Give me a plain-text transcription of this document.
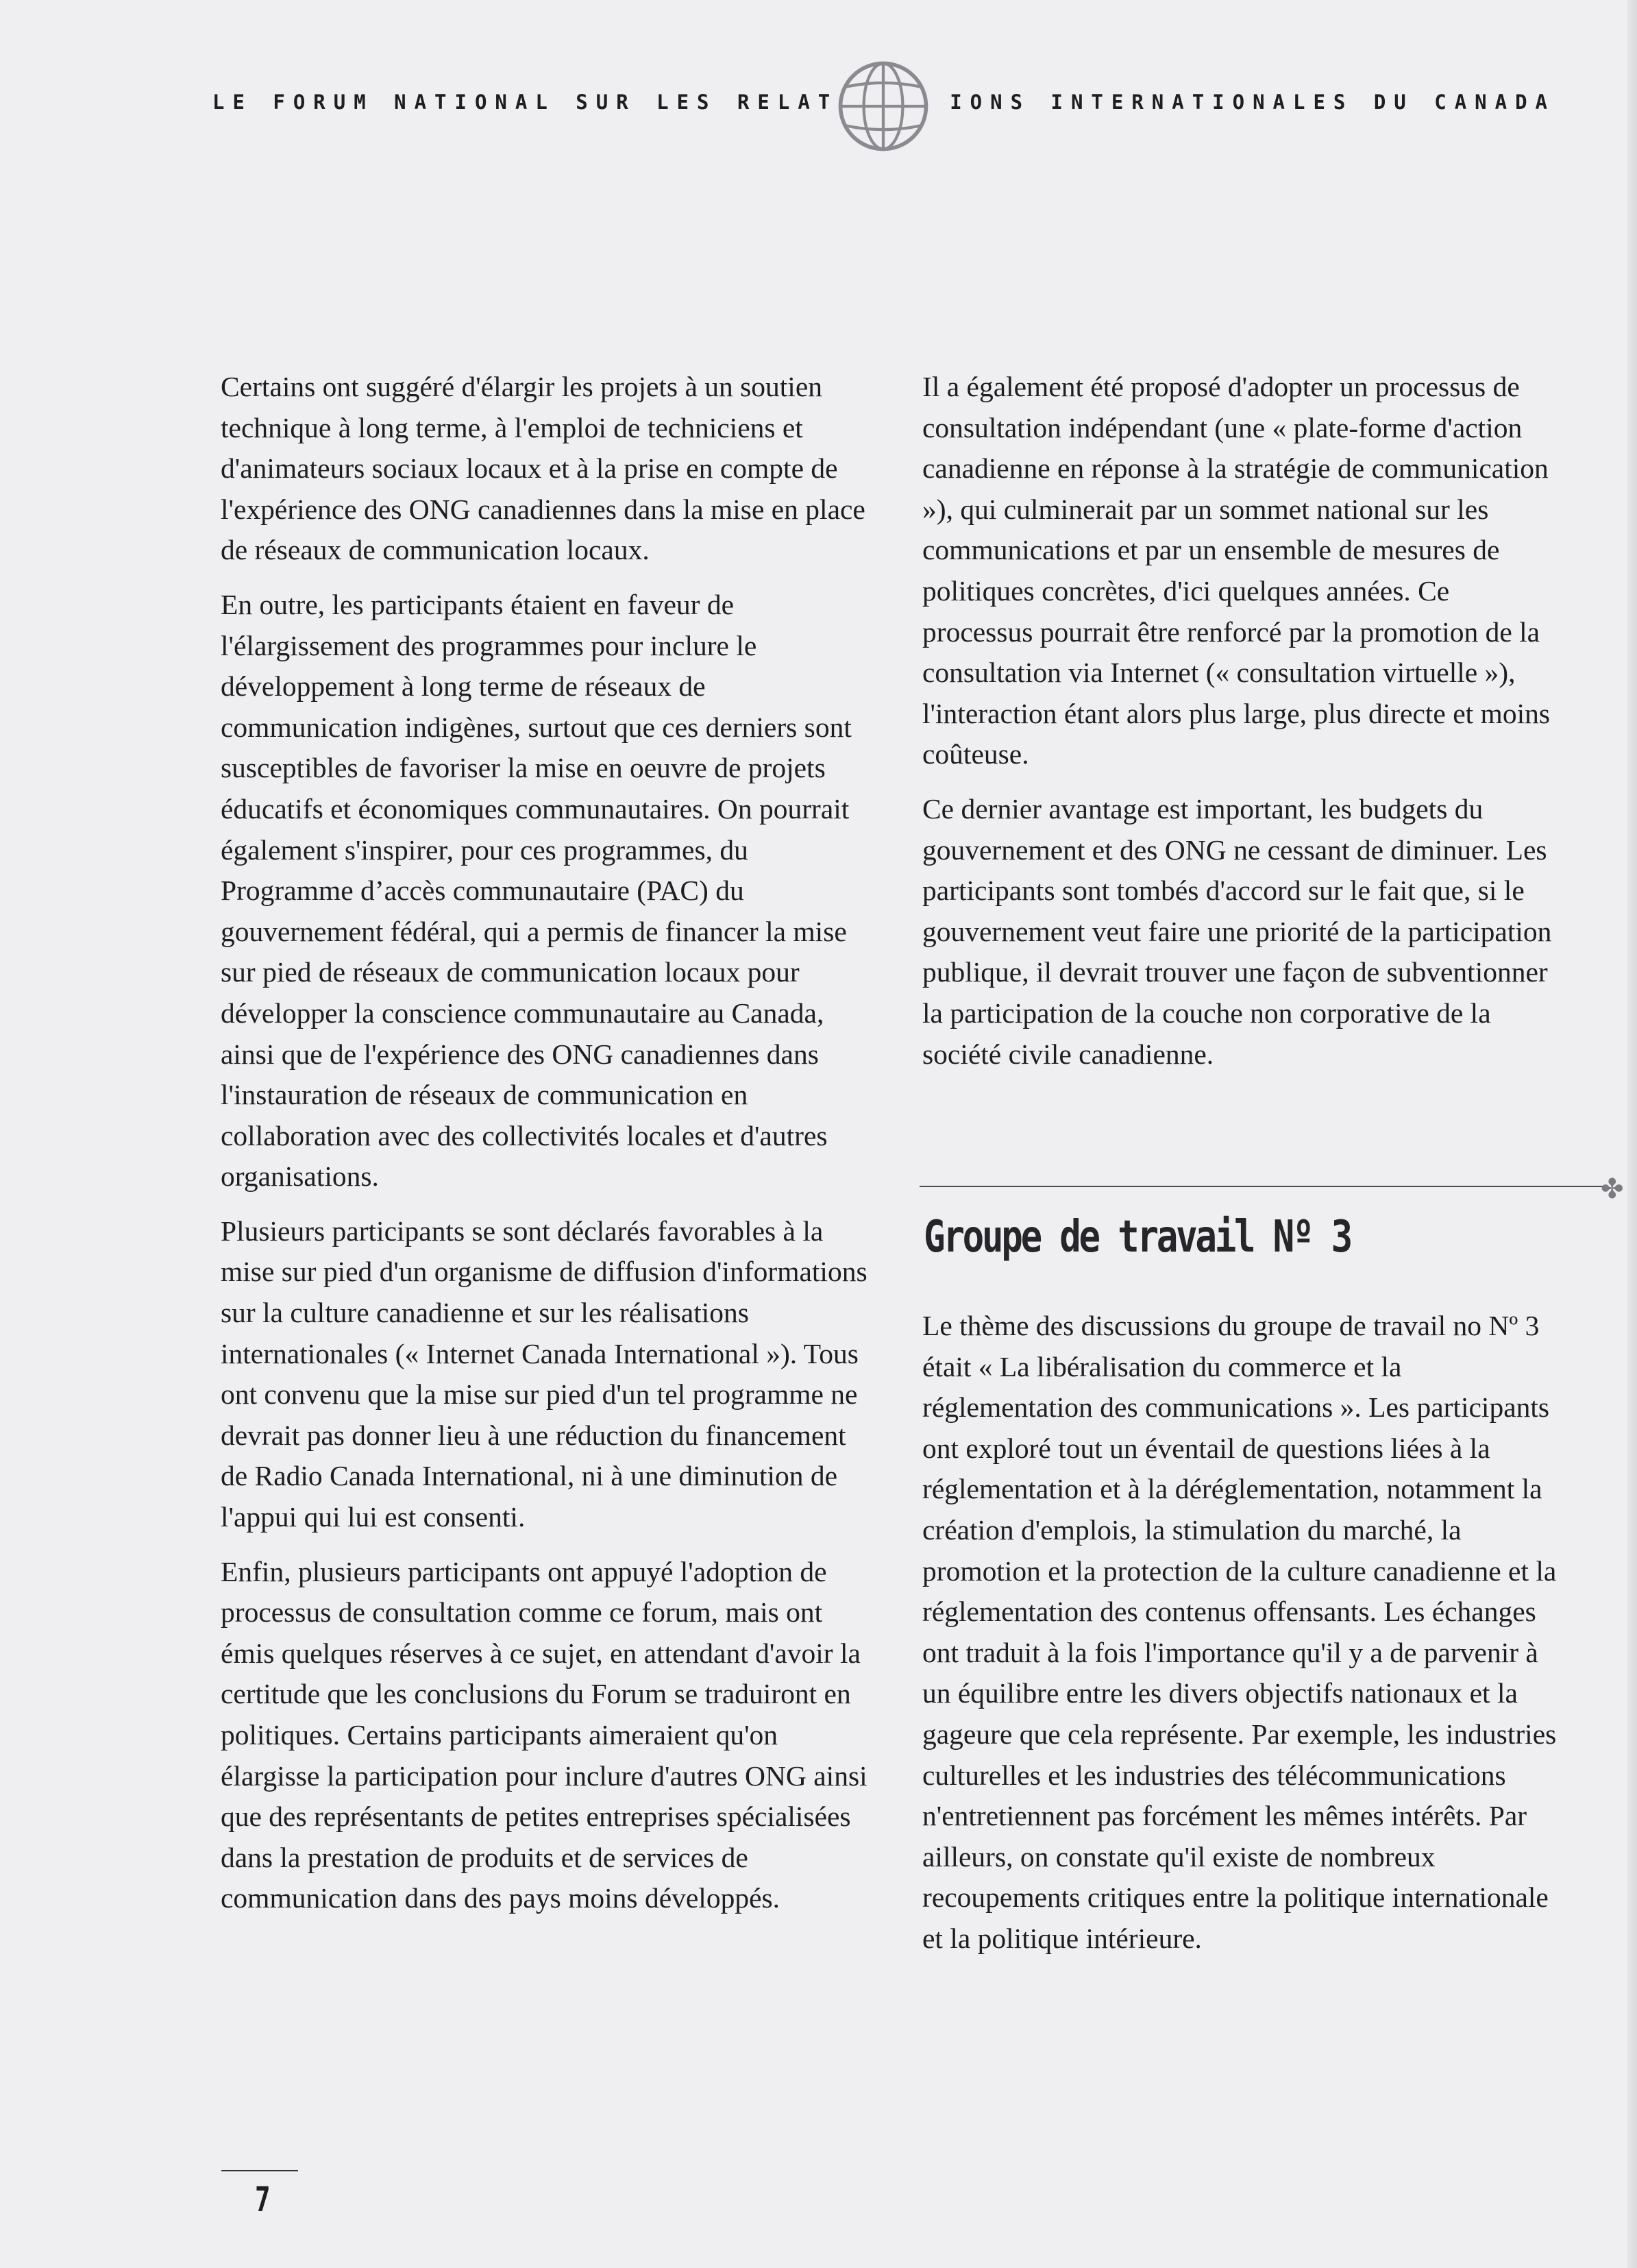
LE FORUM NATIONAL SUR LES RELAT	IONS INTERNATIONALES DU CANADA

Certains ont suggéré d'élargir les projets à un soutien technique à long terme, à l'emploi de techniciens et d'animateurs sociaux locaux et à la prise en compte de l'expérience des ONG canadiennes dans la mise en place de réseaux de communication locaux.

En outre, les participants étaient en faveur de l'élargissement des programmes pour inclure le développement à long terme de réseaux de communication indigènes, surtout que ces derniers sont susceptibles de favoriser la mise en oeuvre de projets éducatifs et économiques communautaires. On pourrait également s'inspirer, pour ces programmes, du Programme d’accès communautaire (PAC) du gouvernement fédéral, qui a permis de financer la mise sur pied de réseaux de communication locaux pour développer la conscience communautaire au Canada, ainsi que de l'expérience des ONG canadiennes dans l'instauration de réseaux de communication en collaboration avec des collectivités locales et d'autres organisations.

Plusieurs participants se sont déclarés favorables à la mise sur pied d'un organisme de diffusion d'informations sur la culture canadienne et sur les réalisations internationales (« Internet Canada International »). Tous ont convenu que la mise sur pied d'un tel programme ne devrait pas donner lieu à une réduction du financement de Radio Canada International, ni à une diminution de l'appui qui lui est consenti.

Enfin, plusieurs participants ont appuyé l'adoption de processus de consultation comme ce forum, mais ont émis quelques réserves à ce sujet, en attendant d'avoir la certitude que les conclusions du Forum se traduiront en politiques. Certains participants aimeraient qu'on élargisse la participation pour inclure d'autres ONG ainsi que des représentants de petites entreprises spécialisées dans la prestation de produits et de services de communication dans des pays moins développés.

Il a également été proposé d'adopter un processus de consultation indépendant (une « plate-forme d'action canadienne en réponse à la stratégie de communication »), qui culminerait par un sommet national sur les communications et par un ensemble de mesures de politiques concrètes, d'ici quelques années. Ce processus pourrait être renforcé par la promotion de la consultation via Internet (« consultation virtuelle »), l'interaction étant alors plus large, plus directe et moins coûteuse.

Ce dernier avantage est important, les budgets du gouvernement et des ONG ne cessant de diminuer. Les participants sont tombés d'accord sur le fait que, si le gouvernement veut faire une priorité de la participation publique, il devrait trouver une façon de subventionner la participation de la couche non corporative de la société civile canadienne.

✤
Groupe de travail Nº 3

Le thème des discussions du groupe de travail no Nº 3 était « La libéralisation du commerce et la réglementation des communications ». Les participants ont exploré tout un éventail de questions liées à la réglementation et à la déréglementation, notamment la création d'emplois, la stimulation du marché, la promotion et la protection de la culture canadienne et la réglementation des contenus offensants. Les échanges ont traduit à la fois l'importance qu'il y a de parvenir à un équilibre entre les divers objectifs nationaux et la gageure que cela représente. Par exemple, les industries culturelles et les industries des télécommunications n'entretiennent pas forcément les mêmes intérêts. Par ailleurs, on constate qu'il existe de nombreux recoupements critiques entre la politique internationale et la politique intérieure.

7
